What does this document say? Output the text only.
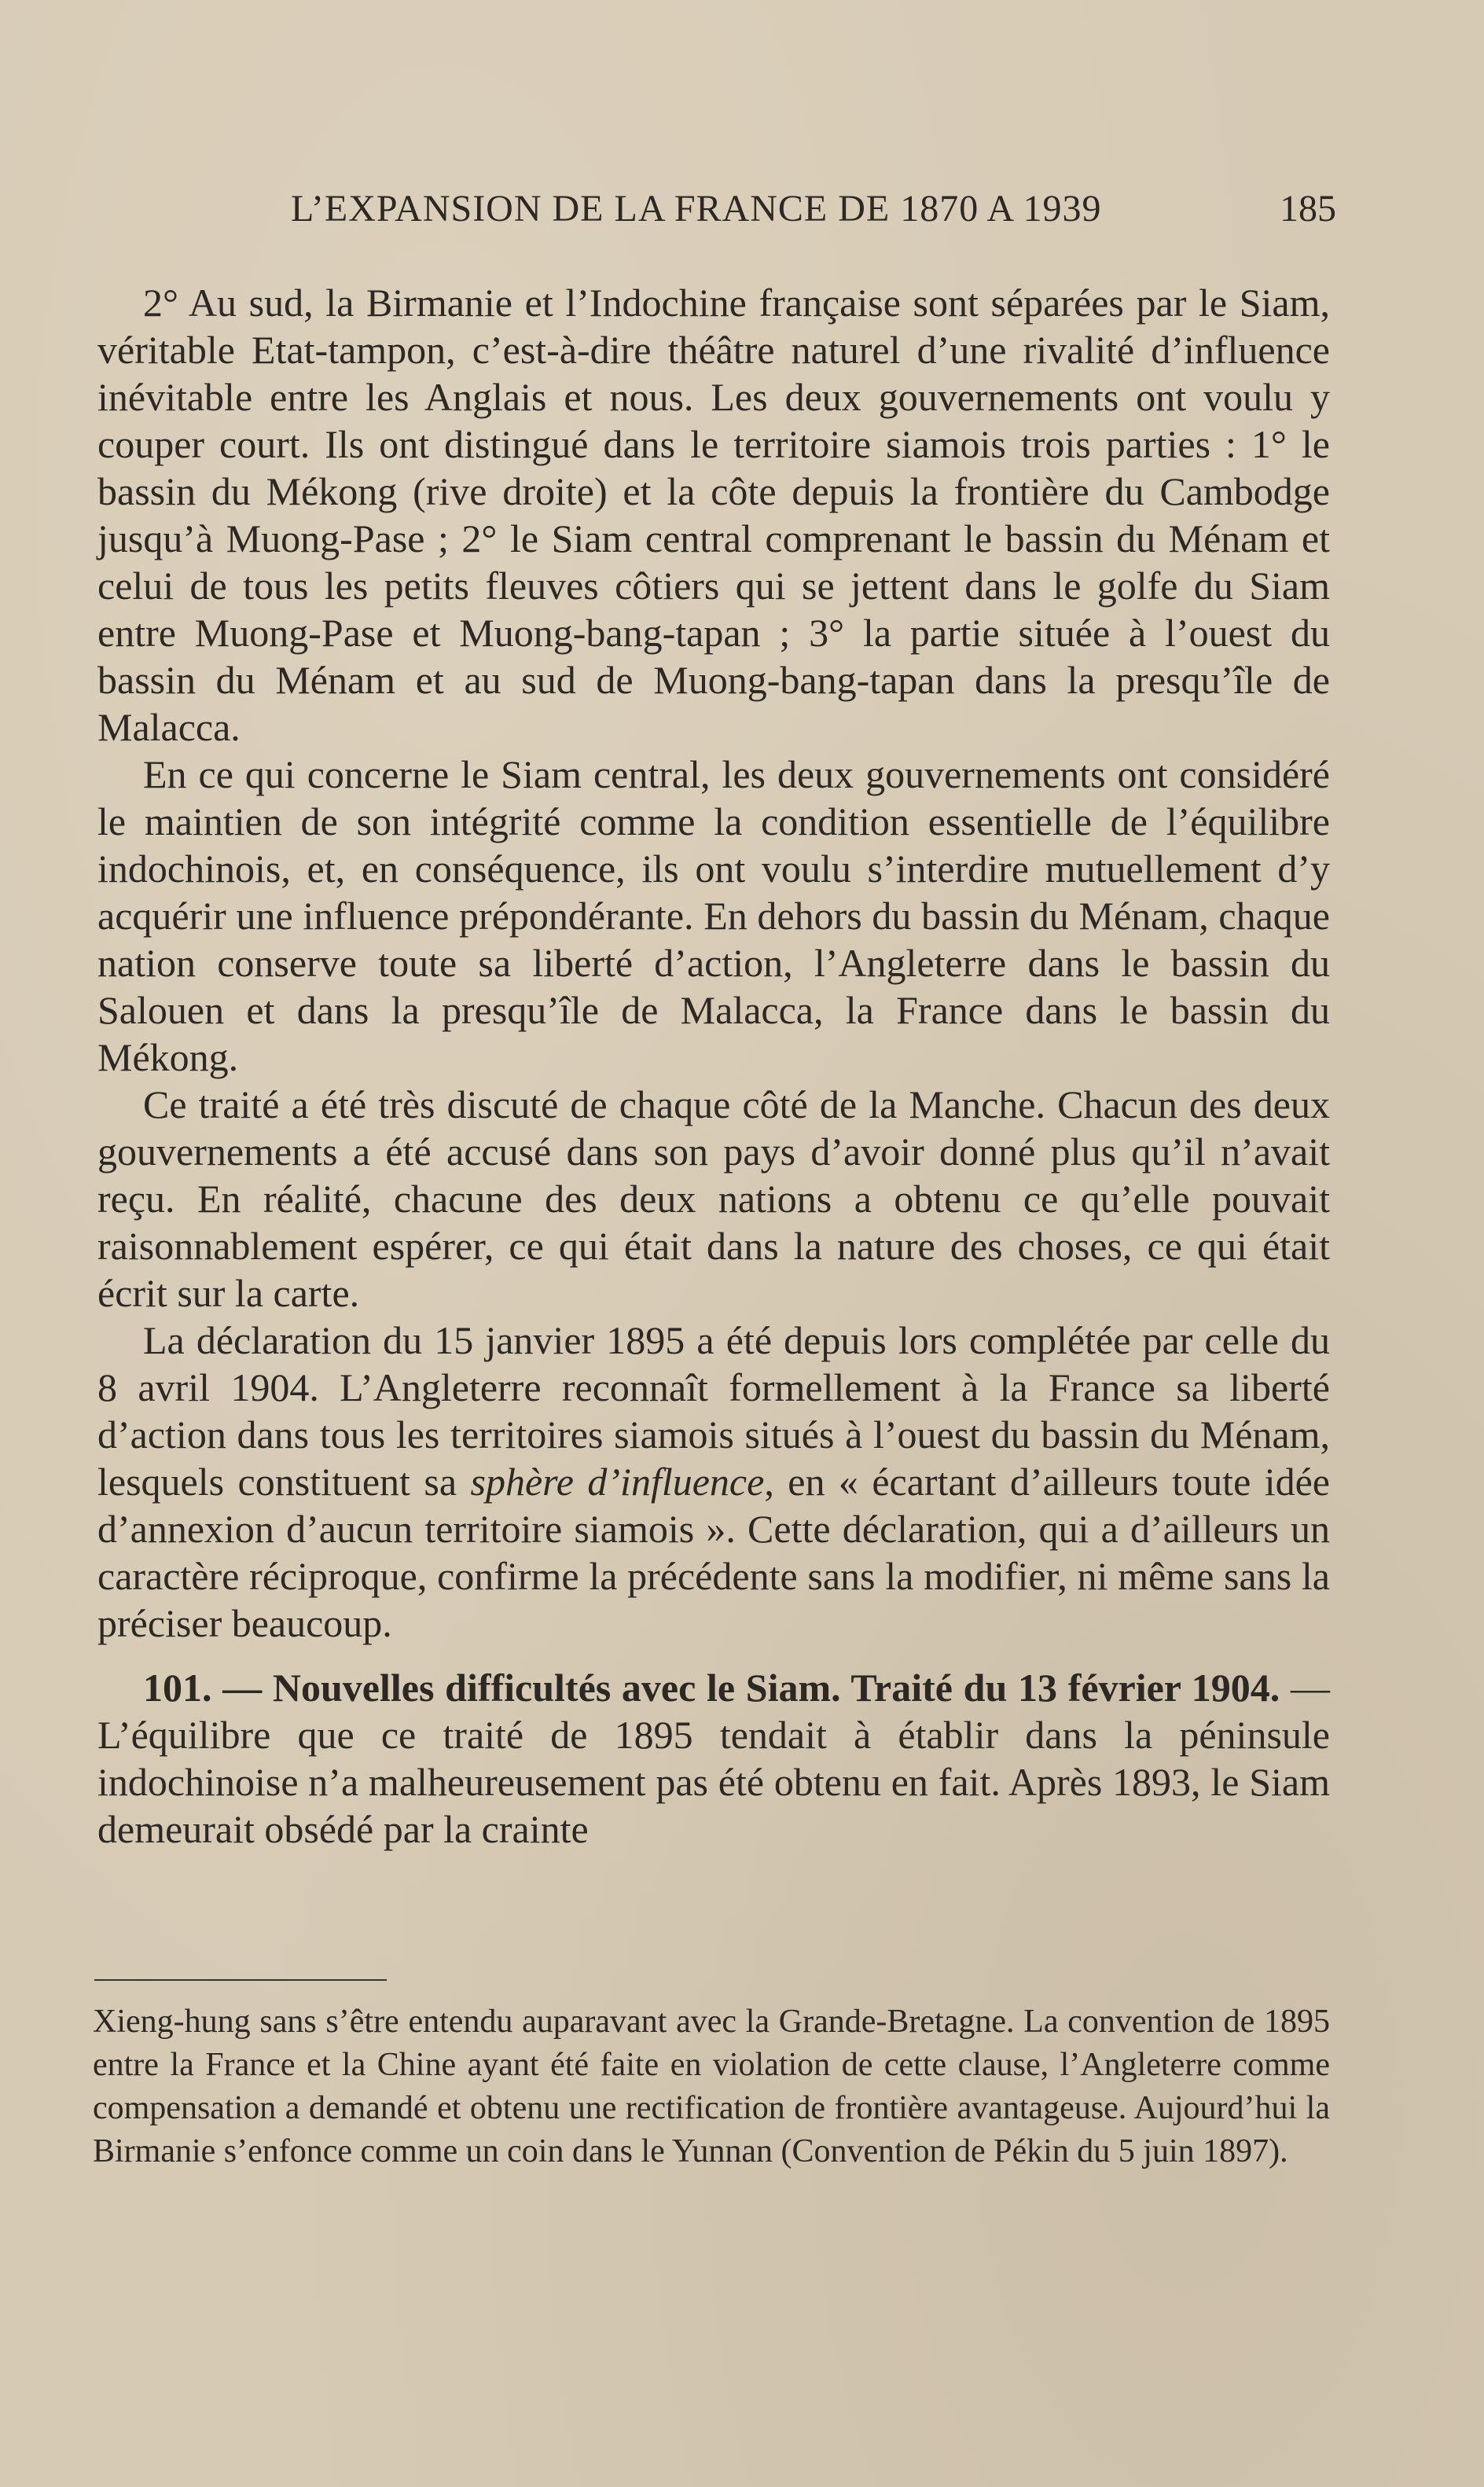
L’EXPANSION DE LA FRANCE DE 1870 A 1939	185

2° Au sud, la Birmanie et l’Indochine française sont séparées par le Siam, véritable Etat-tampon, c’est-à-dire théâtre naturel d’une rivalité d’influence inévitable entre les Anglais et nous. Les deux gouvernements ont voulu y couper court. Ils ont distingué dans le territoire siamois trois parties : 1° le bassin du Mékong (rive droite) et la côte depuis la frontière du Cambodge jusqu’à Muong-Pase ; 2° le Siam central comprenant le bassin du Ménam et celui de tous les petits fleuves côtiers qui se jettent dans le golfe du Siam entre Muong-Pase et Muong-bang-tapan ; 3° la partie située à l’ouest du bassin du Ménam et au sud de Muong-bang-tapan dans la presqu’île de Malacca.

En ce qui concerne le Siam central, les deux gouvernements ont considéré le maintien de son intégrité comme la condition essentielle de l’équilibre indochinois, et, en conséquence, ils ont voulu s’interdire mutuellement d’y acquérir une influence prépondérante. En dehors du bassin du Ménam, chaque nation conserve toute sa liberté d’action, l’Angleterre dans le bassin du Salouen et dans la presqu’île de Malacca, la France dans le bassin du Mékong.

Ce traité a été très discuté de chaque côté de la Manche. Chacun des deux gouvernements a été accusé dans son pays d’avoir donné plus qu’il n’avait reçu. En réalité, chacune des deux nations a obtenu ce qu’elle pouvait raisonnablement espérer, ce qui était dans la nature des choses, ce qui était écrit sur la carte.

La déclaration du 15 janvier 1895 a été depuis lors complétée par celle du 8 avril 1904. L’Angleterre reconnaît formellement à la France sa liberté d’action dans tous les territoires siamois situés à l’ouest du bassin du Ménam, lesquels constituent sa sphère d’influence, en « écartant d’ailleurs toute idée d’annexion d’aucun territoire siamois ». Cette déclaration, qui a d’ailleurs un caractère réciproque, confirme la précédente sans la modifier, ni même sans la préciser beaucoup.

101. — Nouvelles difficultés avec le Siam. Traité du 13 février 1904. — L’équilibre que ce traité de 1895 tendait à établir dans la péninsule indochinoise n’a malheureusement pas été obtenu en fait. Après 1893, le Siam demeurait obsédé par la crainte

Xieng-hung sans s’être entendu auparavant avec la Grande-Bretagne. La convention de 1895 entre la France et la Chine ayant été faite en violation de cette clause, l’Angleterre comme compensation a demandé et obtenu une rectification de frontière avantageuse. Aujourd’hui la Birmanie s’enfonce comme un coin dans le Yunnan (Convention de Pékin du 5 juin 1897).
